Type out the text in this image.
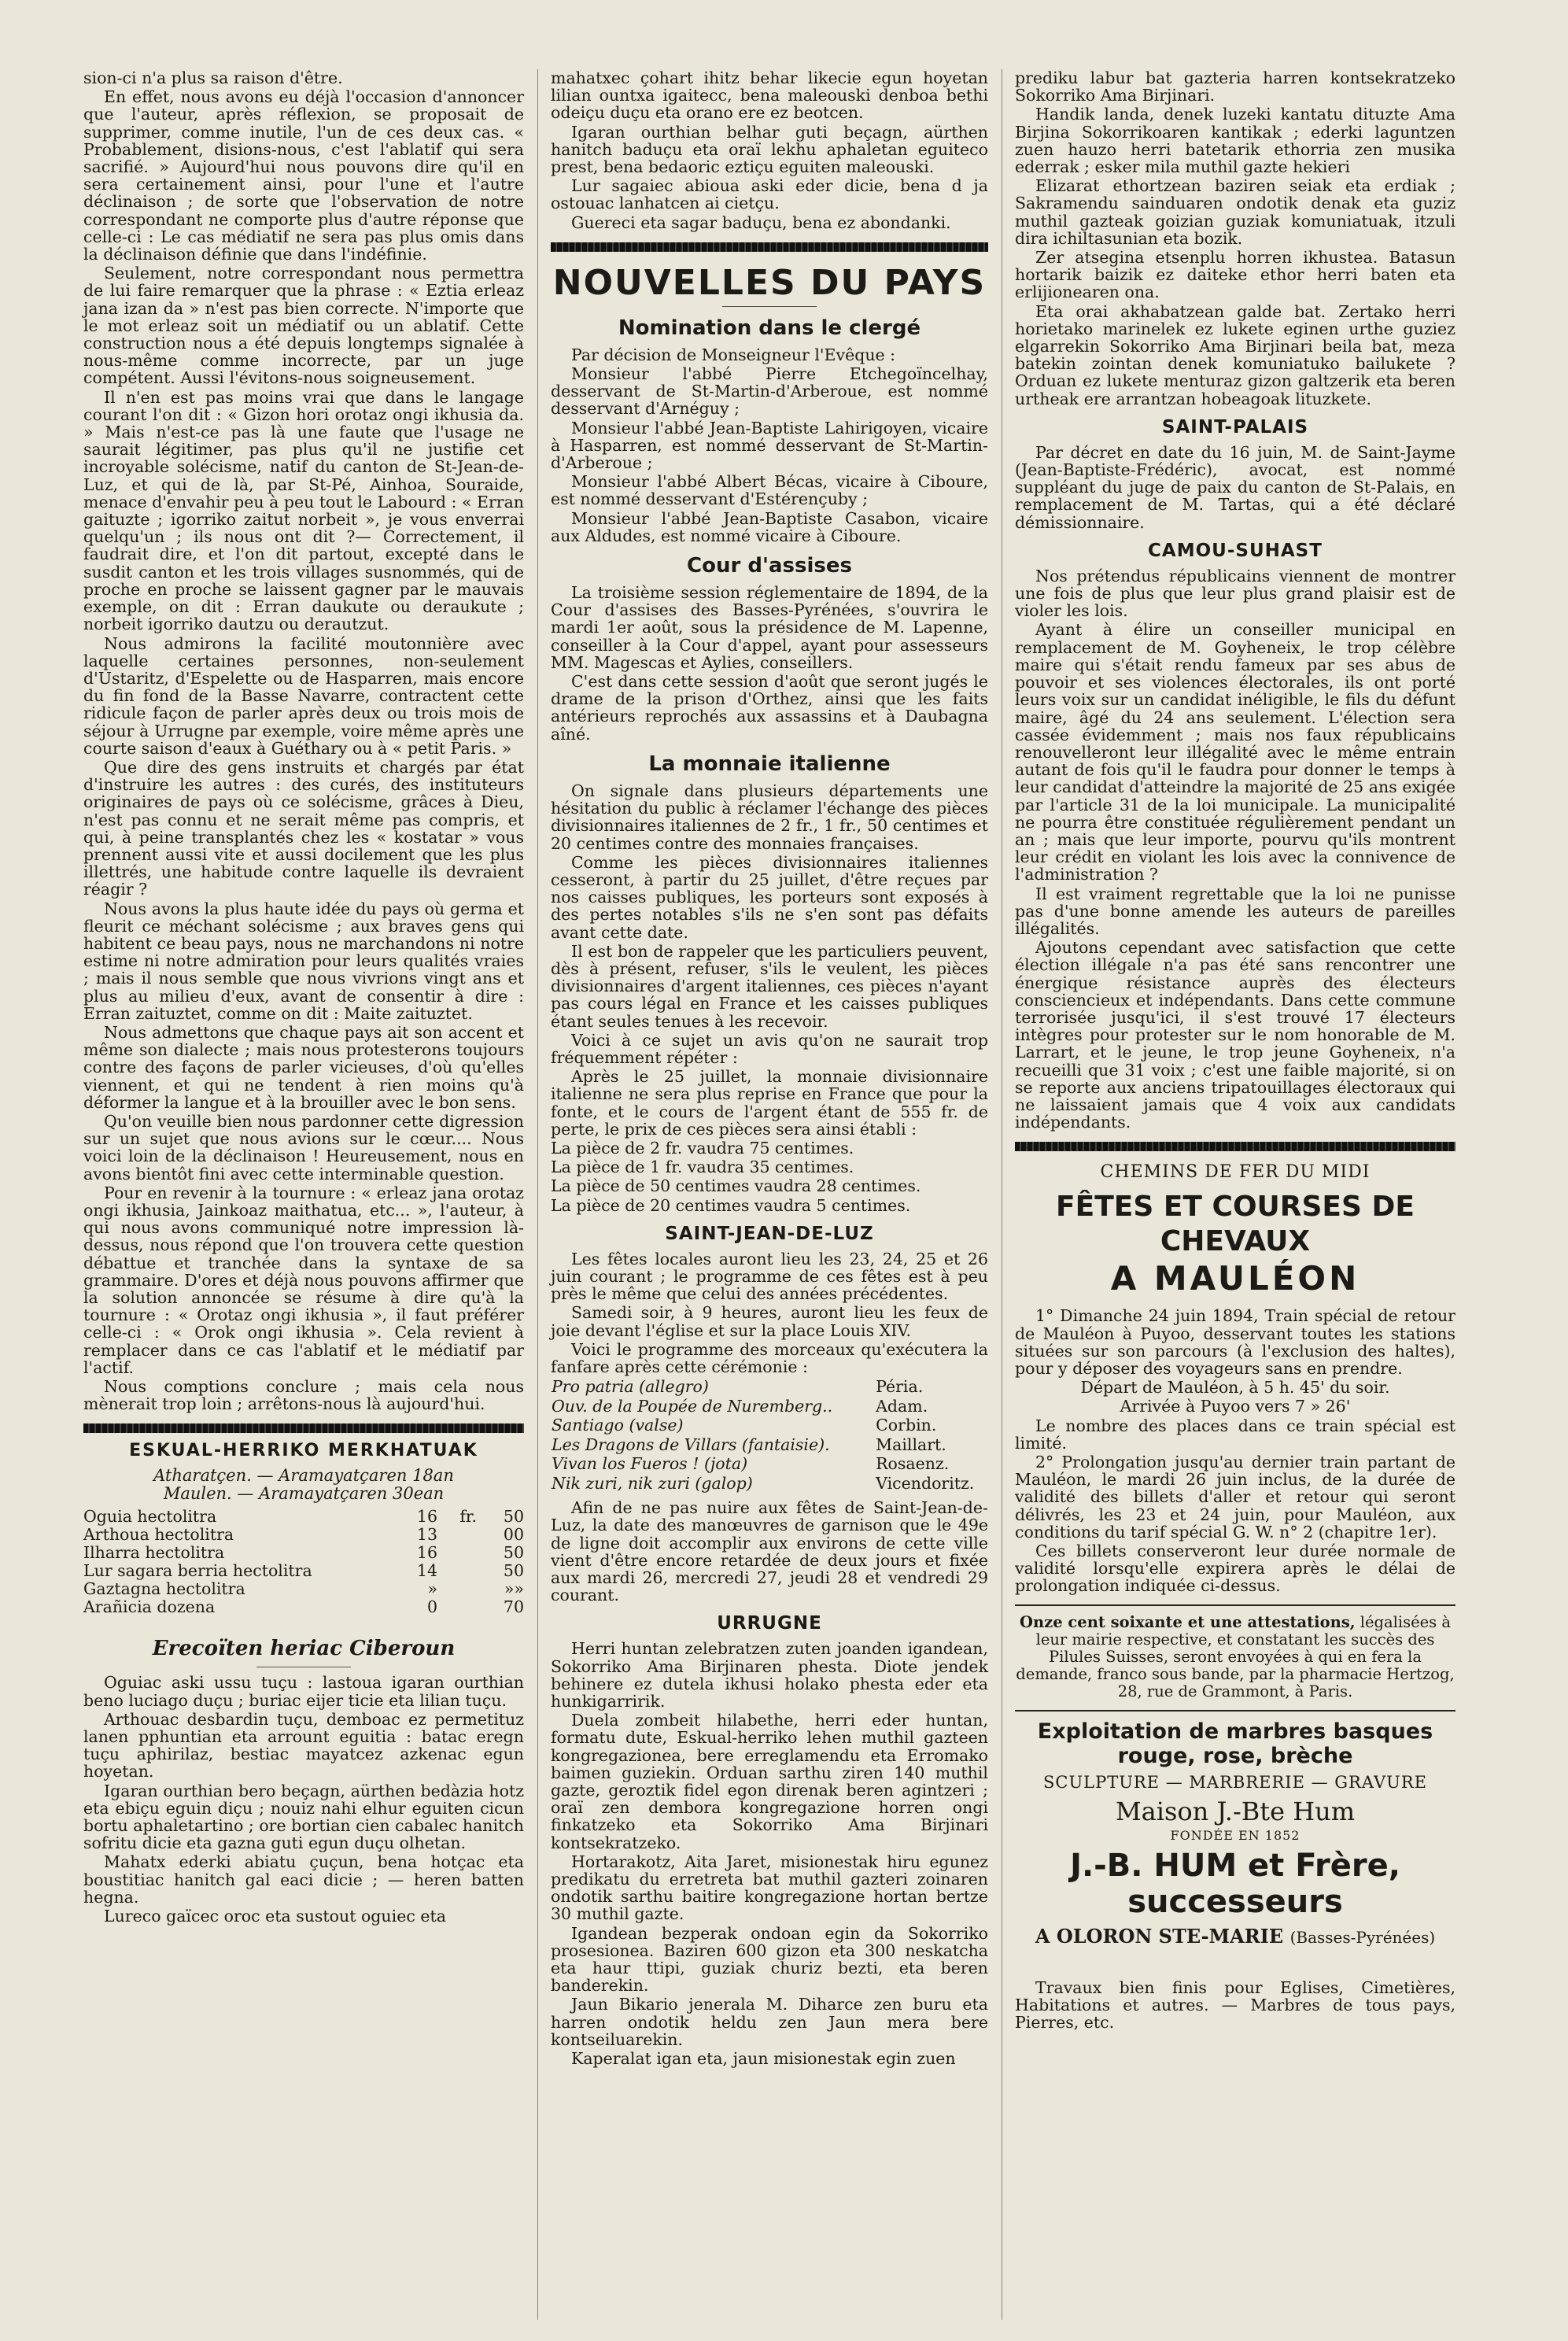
sion-ci n'a plus sa raison d'être.

En effet, nous avons eu déjà l'occasion d'annoncer que l'auteur, après réflexion, se proposait de supprimer, comme inutile, l'un de ces deux cas. « Probablement, disions-nous, c'est l'ablatif qui sera sacrifié. » Aujourd'hui nous pouvons dire qu'il en sera certainement ainsi, pour l'une et l'autre déclinaison ; de sorte que l'observation de notre correspondant ne comporte plus d'autre réponse que celle-ci : Le cas médiatif ne sera pas plus omis dans la déclinaison définie que dans l'indéfinie.

Seulement, notre correspondant nous permettra de lui faire remarquer que la phrase : « Eztia erleaz jana izan da » n'est pas bien correcte. N'importe que le mot erleaz soit un médiatif ou un ablatif. Cette construction nous a été depuis longtemps signalée à nous-même comme incorrecte, par un juge compétent. Aussi l'évitons-nous soigneusement.

Il n'en est pas moins vrai que dans le langage courant l'on dit : « Gizon hori orotaz ongi ikhusia da. » Mais n'est-ce pas là une faute que l'usage ne saurait légitimer, pas plus qu'il ne justifie cet incroyable solécisme, natif du canton de St-Jean-de-Luz, et qui de là, par St-Pé, Ainhoa, Souraide, menace d'envahir peu à peu tout le Labourd : « Erran gaituzte ; igorriko zaitut norbeit », je vous enverrai quelqu'un ; ils nous ont dit ?— Correctement, il faudrait dire, et l'on dit partout, excepté dans le susdit canton et les trois villages susnommés, qui de proche en proche se laissent gagner par le mauvais exemple, on dit : Erran daukute ou deraukute ; norbeit igorriko dautzu ou derautzut.

Nous admirons la facilité moutonnière avec laquelle certaines personnes, non-seulement d'Ustaritz, d'Espelette ou de Hasparren, mais encore du fin fond de la Basse Navarre, contractent cette ridicule façon de parler après deux ou trois mois de séjour à Urrugne par exemple, voire même après une courte saison d'eaux à Guéthary ou à « petit Paris. »

Que dire des gens instruits et chargés par état d'instruire les autres : des curés, des instituteurs originaires de pays où ce solécisme, grâces à Dieu, n'est pas connu et ne serait même pas compris, et qui, à peine transplantés chez les « kostatar » vous prennent aussi vite et aussi docilement que les plus illettrés, une habitude contre laquelle ils devraient réagir ?

Nous avons la plus haute idée du pays où germa et fleurit ce méchant solécisme ; aux braves gens qui habitent ce beau pays, nous ne marchandons ni notre estime ni notre admiration pour leurs qualités vraies ; mais il nous semble que nous vivrions vingt ans et plus au milieu d'eux, avant de consentir à dire : Erran zaituztet, comme on dit : Maite zaituztet.

Nous admettons que chaque pays ait son accent et même son dialecte ; mais nous protesterons toujours contre des façons de parler vicieuses, d'où qu'elles viennent, et qui ne tendent à rien moins qu'à déformer la langue et à la brouiller avec le bon sens.

Qu'on veuille bien nous pardonner cette digression sur un sujet que nous avions sur le cœur.... Nous voici loin de la déclinaison ! Heureusement, nous en avons bientôt fini avec cette interminable question.

Pour en revenir à la tournure : « erleaz jana orotaz ongi ikhusia, Jainkoaz maithatua, etc... », l'auteur, à qui nous avons communiqué notre impression là-dessus, nous répond que l'on trouvera cette question débattue et tranchée dans la syntaxe de sa grammaire. D'ores et déjà nous pouvons affirmer que la solution annoncée se résume à dire qu'à la tournure : « Orotaz ongi ikhusia », il faut préférer celle-ci : « Orok ongi ikhusia ». Cela revient à remplacer dans ce cas l'ablatif et le médiatif par l'actif.

Nous comptions conclure ; mais cela nous mènerait trop loin ; arrêtons-nous là aujourd'hui.

ESKUAL-HERRIKO MERKHATUAK
Atharatçen. — Aramayatçaren 18an
Maulen. — Aramayatçaren 30ean
Oguia hectolitra	16	fr.	50
Arthoua hectolitra	13		00
Ilharra hectolitra	16		50
Lur sagara berria hectolitra	14		50
Gaztagna hectolitra	»		»»
Arañicia dozena	0		70
Erecoïten heriac Ciberoun

Oguiac aski ussu tuçu : lastoua igaran ourthian beno luciago duçu ; buriac eijer ticie eta lilian tuçu.

Arthouac desbardin tuçu, demboac ez permetituz lanen pphuntian eta arrount eguitia : batac eregn tuçu aphirilaz, bestiac mayatcez azkenac egun hoyetan.

Igaran ourthian bero beçagn, aürthen bedàzia hotz eta ebiçu eguin diçu ; nouiz nahi elhur eguiten cicun bortu aphaletartino ; ore bortian cien cabalec hanitch sofritu dicie eta gazna guti egun duçu olhetan.

Mahatx ederki abiatu çuçun, bena hotçac eta boustitiac hanitch gal eaci dicie ; — heren batten hegna.

Lureco gaïcec oroc eta sustout oguiec eta

mahatxec çohart ihitz behar likecie egun hoyetan lilian ountxa igaitecc, bena maleouski denboa bethi odeiçu duçu eta orano ere ez beotcen.

Igaran ourthian belhar guti beçagn, aürthen hanitch baduçu eta oraï lekhu aphaletan eguiteco prest, bena bedaoric eztiçu eguiten maleouski.

Lur sagaiec abioua aski eder dicie, bena d ja ostouac lanhatcen ai cietçu.

Guereci eta sagar baduçu, bena ez abondanki.

NOUVELLES DU PAYS
Nomination dans le clergé

Par décision de Monseigneur l'Evêque :

Monsieur l'abbé Pierre Etchegoïncelhay, desservant de St-Martin-d'Arberoue, est nommé desservant d'Arnéguy ;

Monsieur l'abbé Jean-Baptiste Lahirigoyen, vicaire à Hasparren, est nommé desservant de St-Martin-d'Arberoue ;

Monsieur l'abbé Albert Bécas, vicaire à Ciboure, est nommé desservant d'Estérençuby ;

Monsieur l'abbé Jean-Baptiste Casabon, vicaire aux Aldudes, est nommé vicaire à Ciboure.

Cour d'assises

La troisième session réglementaire de 1894, de la Cour d'assises des Basses-Pyrénées, s'ouvrira le mardi 1er août, sous la présidence de M. Lapenne, conseiller à la Cour d'appel, ayant pour assesseurs MM. Magescas et Aylies, conseillers.

C'est dans cette session d'août que seront jugés le drame de la prison d'Orthez, ainsi que les faits antérieurs reprochés aux assassins et à Daubagna aîné.

La monnaie italienne

On signale dans plusieurs départements une hésitation du public à réclamer l'échange des pièces divisionnaires italiennes de 2 fr., 1 fr., 50 centimes et 20 centimes contre des monnaies françaises.

Comme les pièces divisionnaires italiennes cesseront, à partir du 25 juillet, d'être reçues par nos caisses publiques, les porteurs sont exposés à des pertes notables s'ils ne s'en sont pas défaits avant cette date.

Il est bon de rappeler que les particuliers peuvent, dès à présent, refuser, s'ils le veulent, les pièces divisionnaires d'argent italiennes, ces pièces n'ayant pas cours légal en France et les caisses publiques étant seules tenues à les recevoir.

Voici à ce sujet un avis qu'on ne saurait trop fréquemment répéter :

Après le 25 juillet, la monnaie divisionnaire italienne ne sera plus reprise en France que pour la fonte, et le cours de l'argent étant de 555 fr. de perte, le prix de ces pièces sera ainsi établi :

La pièce de 2 fr. vaudra 75 centimes.

La pièce de 1 fr. vaudra 35 centimes.

La pièce de 50 centimes vaudra 28 centimes.

La pièce de 20 centimes vaudra 5 centimes.

SAINT-JEAN-DE-LUZ

Les fêtes locales auront lieu les 23, 24, 25 et 26 juin courant ; le programme de ces fêtes est à peu près le même que celui des années précédentes.

Samedi soir, à 9 heures, auront lieu les feux de joie devant l'église et sur la place Louis XIV.

Voici le programme des morceaux qu'exécutera la fanfare après cette cérémonie :

Pro patria (allegro)	Péria.
Ouv. de la Poupée de Nuremberg..	Adam.
Santiago (valse)	Corbin.
Les Dragons de Villars (fantaisie).	Maillart.
Vivan los Fueros ! (jota)	Rosaenz.
Nik zuri, nik zuri (galop)	Vicendoritz.

Afin de ne pas nuire aux fêtes de Saint-Jean-de-Luz, la date des manœuvres de garnison que le 49e de ligne doit accomplir aux environs de cette ville vient d'être encore retardée de deux jours et fixée aux mardi 26, mercredi 27, jeudi 28 et vendredi 29 courant.

URRUGNE

Herri huntan zelebratzen zuten joanden igandean, Sokorriko Ama Birjinaren phesta. Diote jendek behinere ez dutela ikhusi holako phesta eder eta hunkigarririk.

Duela zombeit hilabethe, herri eder huntan, formatu dute, Eskual-herriko lehen muthil gazteen kongregazionea, bere erreglamendu eta Erromako baimen guziekin. Orduan sarthu ziren 140 muthil gazte, geroztik fidel egon direnak beren agintzeri ; oraï zen dembora kongregazione horren ongi finkatzeko eta Sokorriko Ama Birjinari kontsekratzeko.

Hortarakotz, Aita Jaret, misionestak hiru egunez predikatu du erretreta bat muthil gazteri zoinaren ondotik sarthu baitire kongregazione hortan bertze 30 muthil gazte.

Igandean bezperak ondoan egin da Sokorriko prosesionea. Baziren 600 gizon eta 300 neskatcha eta haur ttipi, guziak churiz bezti, eta beren banderekin.

Jaun Bikario jenerala M. Diharce zen buru eta harren ondotik heldu zen Jaun mera bere kontseiluarekin.

Kaperalat igan eta, jaun misionestak egin zuen

prediku labur bat gazteria harren kontsekratzeko Sokorriko Ama Birjinari.

Handik landa, denek luzeki kantatu dituzte Ama Birjina Sokorrikoaren kantikak ; ederki laguntzen zuen hauzo herri batetarik ethorria zen musika ederrak ; esker mila muthil gazte hekieri

Elizarat ethortzean baziren seiak eta erdiak ; Sakramendu sainduaren ondotik denak eta guziz muthil gazteak goizian guziak komuniatuak, itzuli dira ichiltasunian eta bozik.

Zer atsegina etsenplu horren ikhustea. Batasun hortarik baizik ez daiteke ethor herri baten eta erlijionearen ona.

Eta orai akhabatzean galde bat. Zertako herri horietako marinelek ez lukete eginen urthe guziez elgarrekin Sokorriko Ama Birjinari beila bat, meza batekin zointan denek komuniatuko bailukete ? Orduan ez lukete menturaz gizon galtzerik eta beren urtheak ere arrantzan hobeagoak lituzkete.

SAINT-PALAIS

Par décret en date du 16 juin, M. de Saint-Jayme (Jean-Baptiste-Frédéric), avocat, est nommé suppléant du juge de paix du canton de St-Palais, en remplacement de M. Tartas, qui a été déclaré démissionnaire.

CAMOU-SUHAST

Nos prétendus républicains viennent de montrer une fois de plus que leur plus grand plaisir est de violer les lois.

Ayant à élire un conseiller municipal en remplacement de M. Goyheneix, le trop célèbre maire qui s'était rendu fameux par ses abus de pouvoir et ses violences électorales, ils ont porté leurs voix sur un candidat inéligible, le fils du défunt maire, âgé du 24 ans seulement. L'élection sera cassée évidemment ; mais nos faux républicains renouvelleront leur illégalité avec le même entrain autant de fois qu'il le faudra pour donner le temps à leur candidat d'atteindre la majorité de 25 ans exigée par l'article 31 de la loi municipale. La municipalité ne pourra être constituée régulièrement pendant un an ; mais que leur importe, pourvu qu'ils montrent leur crédit en violant les lois avec la connivence de l'administration ?

Il est vraiment regrettable que la loi ne punisse pas d'une bonne amende les auteurs de pareilles illégalités.

Ajoutons cependant avec satisfaction que cette élection illégale n'a pas été sans rencontrer une énergique résistance auprès des électeurs consciencieux et indépendants. Dans cette commune terrorisée jusqu'ici, il s'est trouvé 17 électeurs intègres pour protester sur le nom honorable de M. Larrart, et le jeune, le trop jeune Goyheneix, n'a recueilli que 31 voix ; c'est une faible majorité, si on se reporte aux anciens tripatouillages électoraux qui ne laissaient jamais que 4 voix aux candidats indépendants.

CHEMINS DE FER DU MIDI
FÊTES ET COURSES DE CHEVAUX
A MAULÉON

1° Dimanche 24 juin 1894, Train spécial de retour de Mauléon à Puyoo, desservant toutes les stations situées sur son parcours (à l'exclusion des haltes), pour y déposer des voyageurs sans en prendre.

Départ de Mauléon, à 5 h. 45' du soir.

Arrivée à Puyoo vers 7 » 26'

Le nombre des places dans ce train spécial est limité.

2° Prolongation jusqu'au dernier train partant de Mauléon, le mardi 26 juin inclus, de la durée de validité des billets d'aller et retour qui seront délivrés, les 23 et 24 juin, pour Mauléon, aux conditions du tarif spécial G. W. n° 2 (chapitre 1er).

Ces billets conserveront leur durée normale de validité lorsqu'elle expirera après le délai de prolongation indiquée ci-dessus.

Onze cent soixante et une attestations, légalisées à leur mairie respective, et constatant les succès des Pilules Suisses, seront envoyées à qui en fera la demande, franco sous bande, par la pharmacie Hertzog, 28, rue de Grammont, à Paris.
Exploitation de marbres basques rouge, rose, brèche
SCULPTURE — MARBRERIE — GRAVURE
Maison J.-Bte Hum
FONDÉE EN 1852
J.-B. HUM et Frère, successeurs
A OLORON STE-MARIE (Basses-Pyrénées)

Travaux bien finis pour Eglises, Cimetières, Habitations et autres. — Marbres de tous pays, Pierres, etc.
